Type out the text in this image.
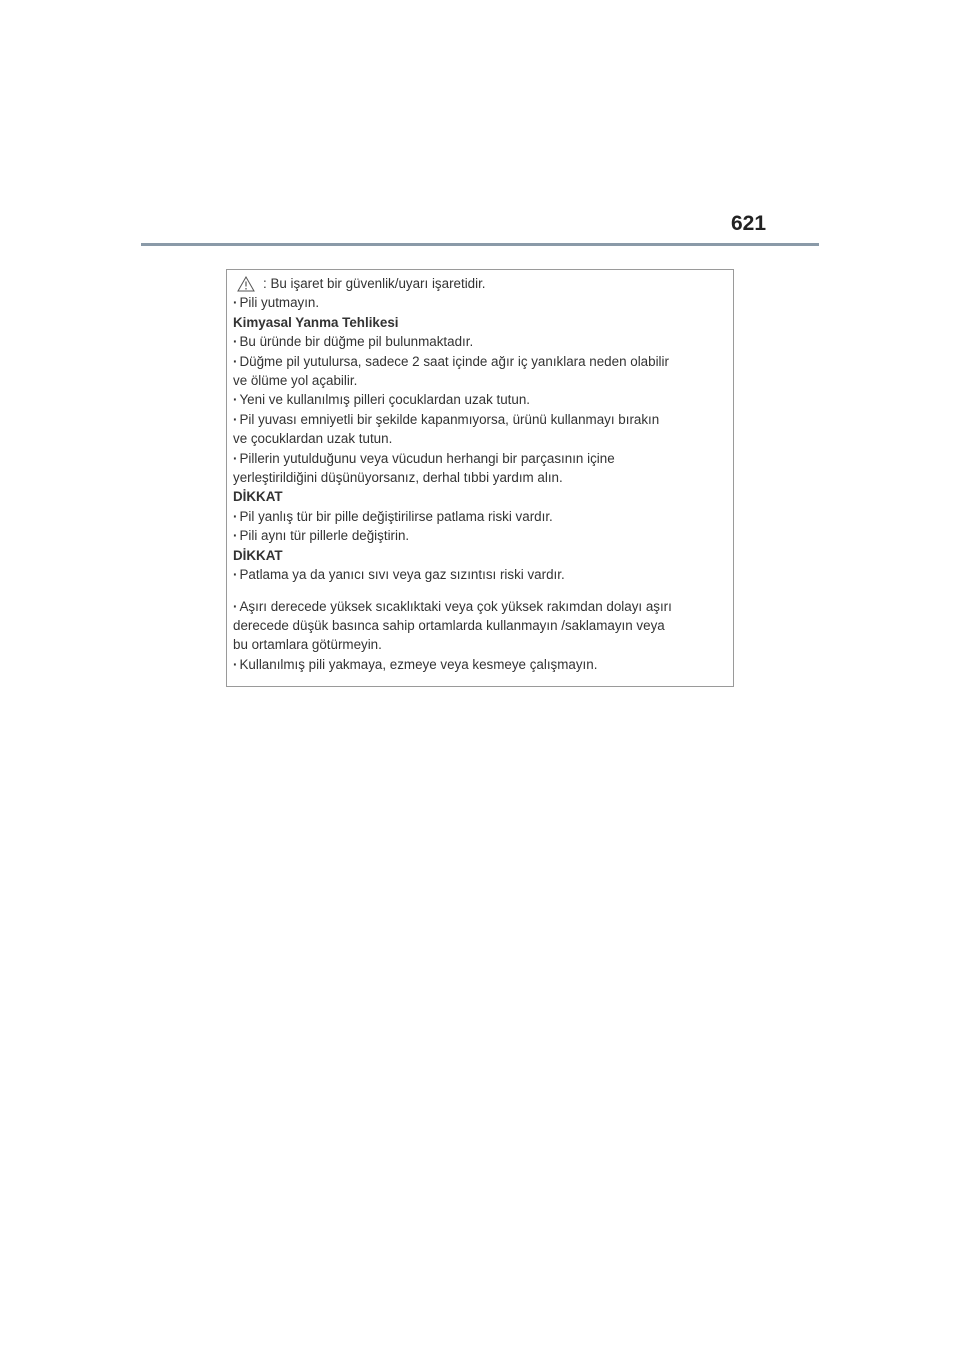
621
: Bu işaret bir güvenlik/uyarı işaretidir.
· Pili yutmayın.
Kimyasal Yanma Tehlikesi
· Bu üründe bir düğme pil bulunmaktadır.
· Düğme pil yutulursa, sadece 2 saat içinde ağır iç yanıklara neden olabilir
ve ölüme yol açabilir.
· Yeni ve kullanılmış pilleri çocuklardan uzak tutun.
· Pil yuvası emniyetli bir şekilde kapanmıyorsa, ürünü kullanmayı bırakın
ve çocuklardan uzak tutun.
· Pillerin yutulduğunu veya vücudun herhangi bir parçasının içine
yerleştirildiğini düşünüyorsanız, derhal tıbbi yardım alın.
DİKKAT
· Pil yanlış tür bir pille değiştirilirse patlama riski vardır.
· Pili aynı tür pillerle değiştirin.
DİKKAT
· Patlama ya da yanıcı sıvı veya gaz sızıntısı riski vardır.
· Aşırı derecede yüksek sıcaklıktaki veya çok yüksek rakımdan dolayı aşırı
derecede düşük basınca sahip ortamlarda kullanmayın /saklamayın veya
bu ortamlara götürmeyin.
· Kullanılmış pili yakmaya, ezmeye veya kesmeye çalışmayın.
